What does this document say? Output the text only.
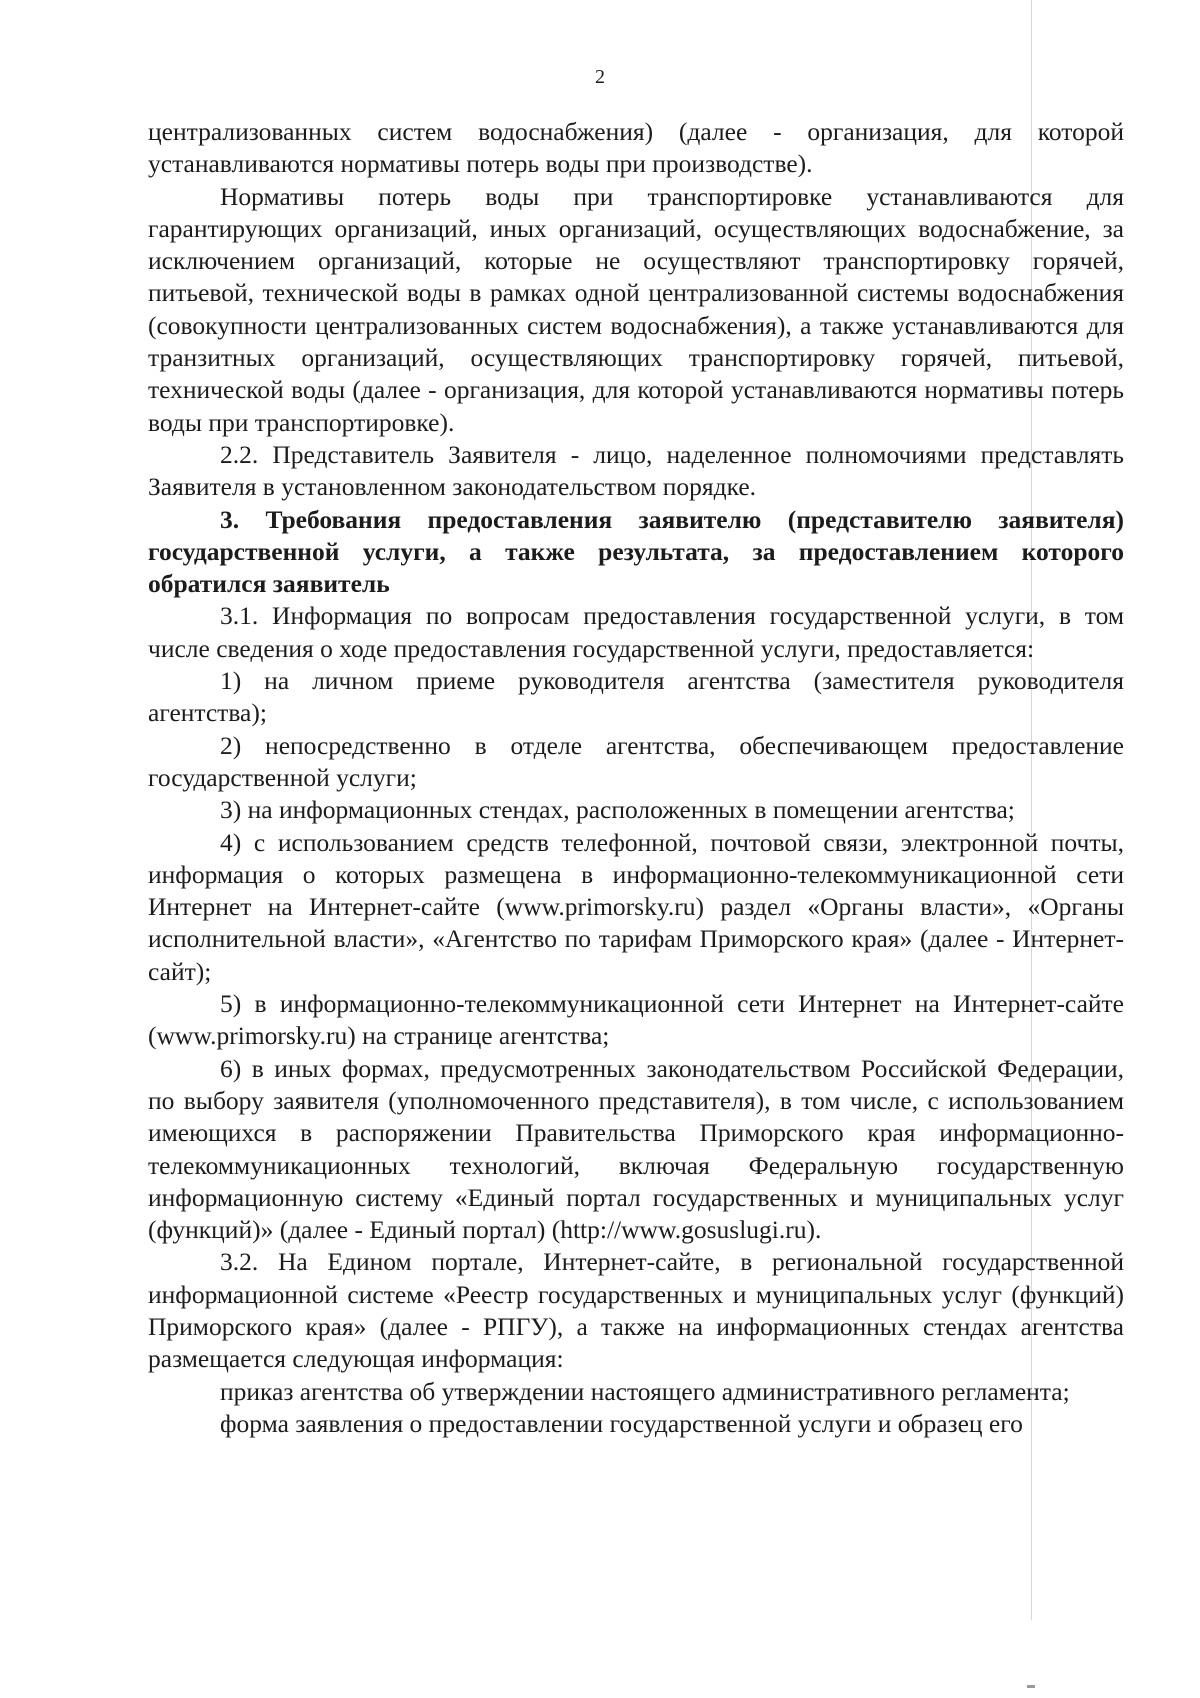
2

централизованных систем водоснабжения) (далее - организация, для которой устанавливаются нормативы потерь воды при производстве).

Нормативы потерь воды при транспортировке устанавливаются для гарантирующих организаций, иных организаций, осуществляющих водоснабжение, за исключением организаций, которые не осуществляют транспортировку горячей, питьевой, технической воды в рамках одной централизованной системы водоснабжения (совокупности централизованных систем водоснабжения), а также устанавливаются для транзитных организаций, осуществляющих транспортировку горячей, питьевой, технической воды (далее - организация, для которой устанавливаются нормативы потерь воды при транспортировке).

2.2. Представитель Заявителя - лицо, наделенное полномочиями представлять Заявителя в установленном законодательством порядке.

3. Требования предоставления заявителю (представителю заявителя) государственной услуги, а также результата, за предоставлением которого обратился заявитель

3.1. Информация по вопросам предоставления государственной услуги, в том числе сведения о ходе предоставления государственной услуги, предоставляется:

1) на личном приеме руководителя агентства (заместителя руководителя агентства);

2) непосредственно в отделе агентства, обеспечивающем предоставление государственной услуги;

3) на информационных стендах, расположенных в помещении агентства;

4) с использованием средств телефонной, почтовой связи, электронной почты, информация о которых размещена в информационно-телекоммуникационной сети Интернет на Интернет-сайте (www.primorsky.ru) раздел «Органы власти», «Органы исполнительной власти», «Агентство по тарифам Приморского края» (далее - Интернет-сайт);

5) в информационно-телекоммуникационной сети Интернет на Интернет-сайте (www.primorsky.ru) на странице агентства;

6) в иных формах, предусмотренных законодательством Российской Федерации, по выбору заявителя (уполномоченного представителя), в том числе, с использованием имеющихся в распоряжении Правительства Приморского края информационно-телекоммуникационных технологий, включая Федеральную государственную информационную систему «Единый портал государственных и муниципальных услуг (функций)» (далее - Единый портал) (http://www.gosuslugi.ru).

3.2. На Едином портале, Интернет-сайте, в региональной государственной информационной системе «Реестр государственных и муниципальных услуг (функций) Приморского края» (далее - РПГУ), а также на информационных стендах агентства размещается следующая информация:

приказ агентства об утверждении настоящего административного регламента;

форма заявления о предоставлении государственной услуги и образец его
